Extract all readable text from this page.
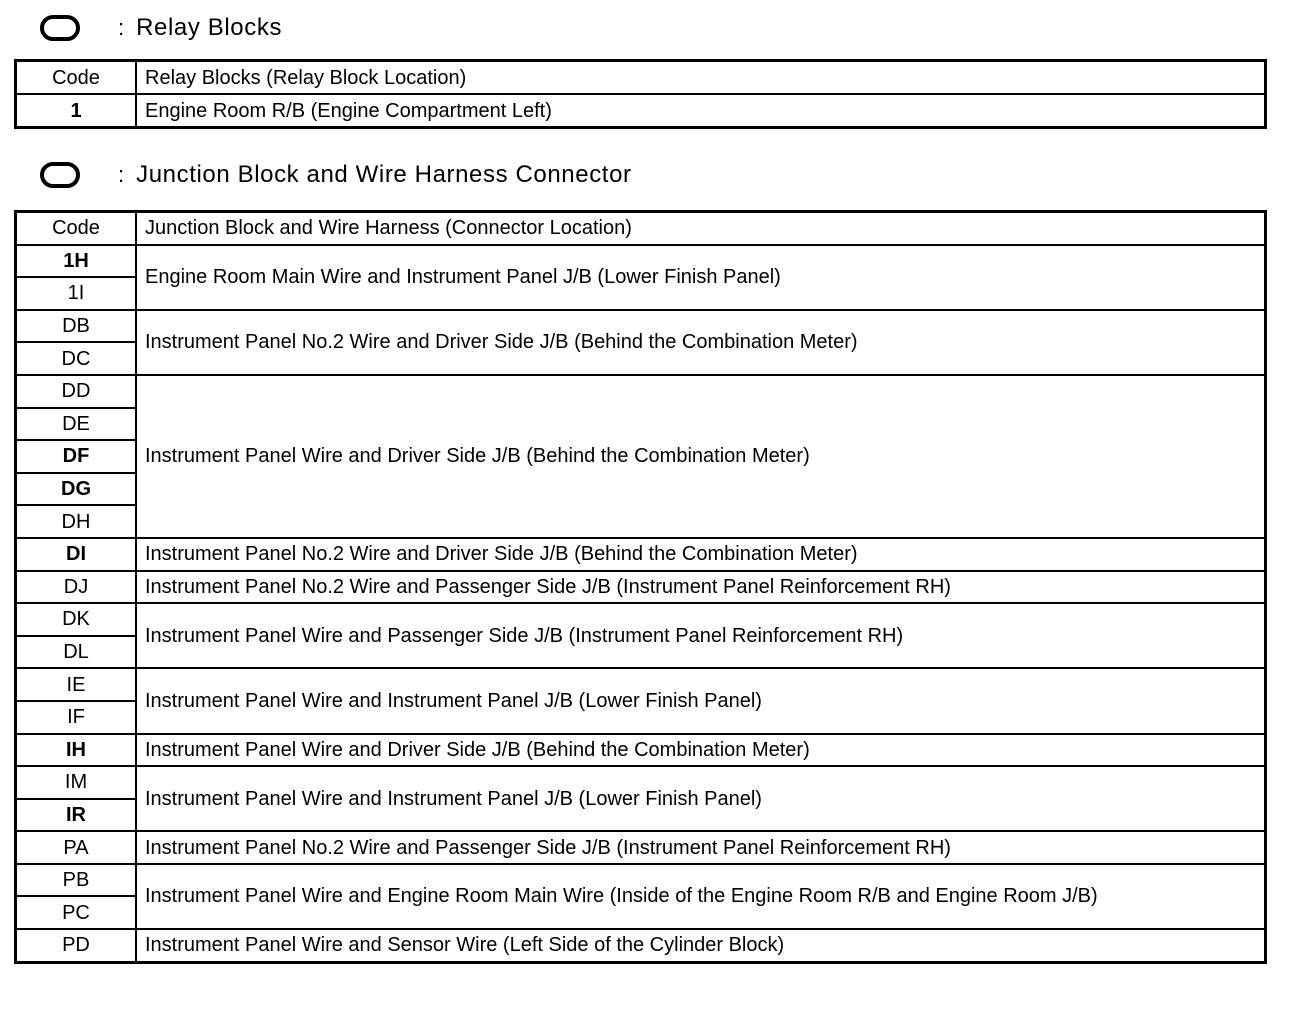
: Relay Blocks
Code	Relay Blocks (Relay Block Location)
1	Engine Room R/B (Engine Compartment Left)
: Junction Block and Wire Harness Connector
Code	Junction Block and Wire Harness (Connector Location)
1H	Engine Room Main Wire and Instrument Panel J/B (Lower Finish Panel)
1I	
DB	Instrument Panel No.2 Wire and Driver Side J/B (Behind the Combination Meter)
DC	
DD	Instrument Panel Wire and Driver Side J/B (Behind the Combination Meter)
DE	
DF	
DG	
DH	
DI	Instrument Panel No.2 Wire and Driver Side J/B (Behind the Combination Meter)
DJ	Instrument Panel No.2 Wire and Passenger Side J/B (Instrument Panel Reinforcement RH)
DK	Instrument Panel Wire and Passenger Side J/B (Instrument Panel Reinforcement RH)
DL	
IE	Instrument Panel Wire and Instrument Panel J/B (Lower Finish Panel)
IF	
IH	Instrument Panel Wire and Driver Side J/B (Behind the Combination Meter)
IM	Instrument Panel Wire and Instrument Panel J/B (Lower Finish Panel)
IR	
PA	Instrument Panel No.2 Wire and Passenger Side J/B (Instrument Panel Reinforcement RH)
PB	Instrument Panel Wire and Engine Room Main Wire (Inside of the Engine Room R/B and Engine Room J/B)
PC	
PD	Instrument Panel Wire and Sensor Wire (Left Side of the Cylinder Block)
